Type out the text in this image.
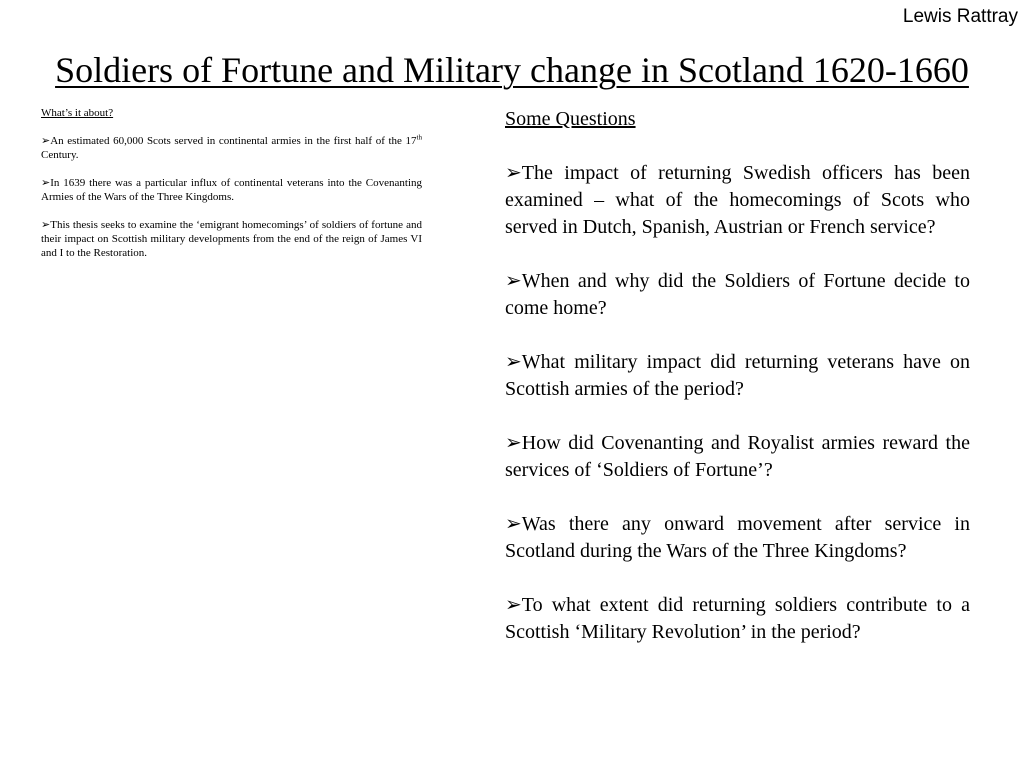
Lewis Rattray
Soldiers of Fortune and Military change in Scotland 1620-1660
What’s it about?

➢An estimated 60,000 Scots served in continental armies in the first half of the 17th Century.

➢In 1639 there was a particular influx of continental veterans into the Covenanting Armies of the Wars of the Three Kingdoms.

➢This thesis seeks to examine the ‘emigrant homecomings’ of soldiers of fortune and their impact on Scottish military developments from the end of the reign of James VI and I to the Restoration.

Some Questions

➢The impact of returning Swedish officers has been examined – what of the homecomings of Scots who served in Dutch, Spanish, Austrian or French service?

➢When and why did the Soldiers of Fortune decide to come home?

➢What military impact did returning veterans have on Scottish armies of the period?

➢How did Covenanting and Royalist armies reward the services of ‘Soldiers of Fortune’?

➢Was there any onward movement after service in Scotland during the Wars of the Three Kingdoms?

➢To what extent did returning soldiers contribute to a Scottish ‘Military Revolution’ in the period?
